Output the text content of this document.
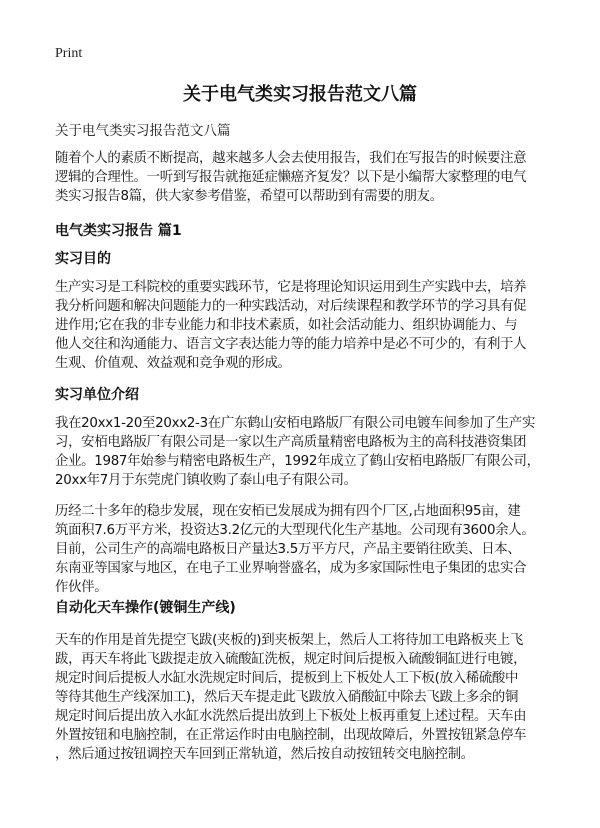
Print
关于电气类实习报告范文八篇
关于电气类实习报告范文八篇
随着个人的素质不断提高，越来越多人会去使用报告，我们在写报告的时候要注意
逻辑的合理性。一听到写报告就拖延症懒癌齐复发？以下是小编帮大家整理的电气
类实习报告8篇，供大家参考借鉴，希望可以帮助到有需要的朋友。
电气类实习报告 篇1
实习目的
生产实习是工科院校的重要实践环节，它是将理论知识运用到生产实践中去，培养
我分析问题和解决问题能力的一种实践活动，对后续课程和教学环节的学习具有促
进作用;它在我的非专业能力和非技术素质，如社会活动能力、组织协调能力、与
他人交往和沟通能力、语言文字表达能力等的能力培养中是必不可少的，有利于人
生观、价值观、效益观和竞争观的形成。
实习单位介绍
我在20xx1-20至20xx2-3在广东鹤山安栢电路版厂有限公司电镀车间参加了生产实
习，安栢电路版厂有限公司是一家以生产高质量精密电路板为主的高科技港资集团
企业。1987年始参与精密电路板生产，1992年成立了鹤山安栢电路版厂有限公司，
20xx年7月于东莞虎门镇收购了泰山电子有限公司。
历经二十多年的稳步发展，现在安栢已发展成为拥有四个厂区,占地面积95亩，建
筑面积7.6万平方米，投资达3.2亿元的大型现代化生产基地。公司现有3600余人。
目前，公司生产的高端电路板日产量达3.5万平方尺，产品主要销往欧美、日本、
东南亚等国家与地区，在电子工业界响誉盛名，成为多家国际性电子集团的忠实合
作伙伴。
自动化天车操作(镀铜生产线)
天车的作用是首先提空飞跋(夹板的)到夹板架上，然后人工将待加工电路板夹上飞
跋，再天车将此飞跋提走放入硫酸缸洗板，规定时间后提板入硫酸铜缸进行电镀，
规定时间后提板人水缸水洗规定时间后，提板到上下板处人工下板(放入稀硫酸中
等待其他生产线深加工)，然后天车提走此飞跋放入硝酸缸中除去飞跋上多余的铜
规定时间后提出放入水缸水洗然后提出放到上下板处上板再重复上述过程。天车由
外置按钮和电脑控制，在正常运作时由电脑控制，出现故障后，外置按钮紧急停车
，然后通过按钮调控天车回到正常轨道，然后按自动按钮转交电脑控制。
